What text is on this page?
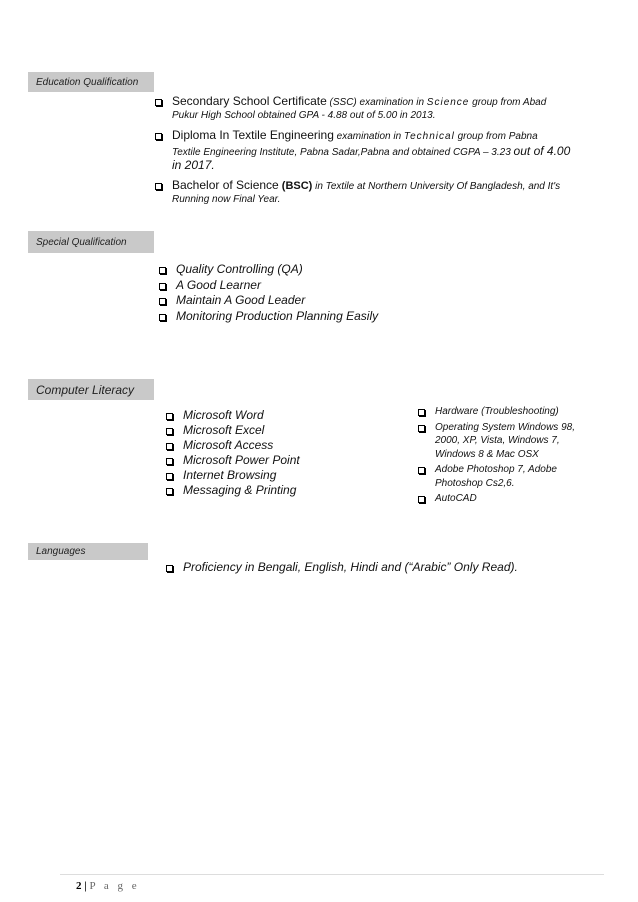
Education Qualification
Secondary School Certificate (SSC) examination in Science group from Abad
Pukur High School obtained GPA - 4.88 out of 5.00 in 2013.
Diploma In Textile Engineering examination in Technical group from Pabna
Textile Engineering Institute, Pabna Sadar,Pabna and obtained CGPA – 3.23 out of 4.00
in 2017.
Bachelor of Science (BSC) in Textile at Northern University Of Bangladesh, and It's
Running now Final Year.
Special Qualification
Quality Controlling (QA)
A Good Learner
Maintain A Good Leader
Monitoring Production Planning Easily
Computer Literacy
Microsoft Word
Microsoft Excel
Microsoft Access
Microsoft Power Point
Internet Browsing
Messaging & Printing
Hardware (Troubleshooting)
Operating System Windows 98,
2000, XP, Vista, Windows 7,
Windows 8 & Mac OSX
Adobe Photoshop 7, Adobe
Photoshop Cs2,6.
AutoCAD
Languages
Proficiency in Bengali, English, Hindi and (“Arabic” Only Read).
2 | P a g e
